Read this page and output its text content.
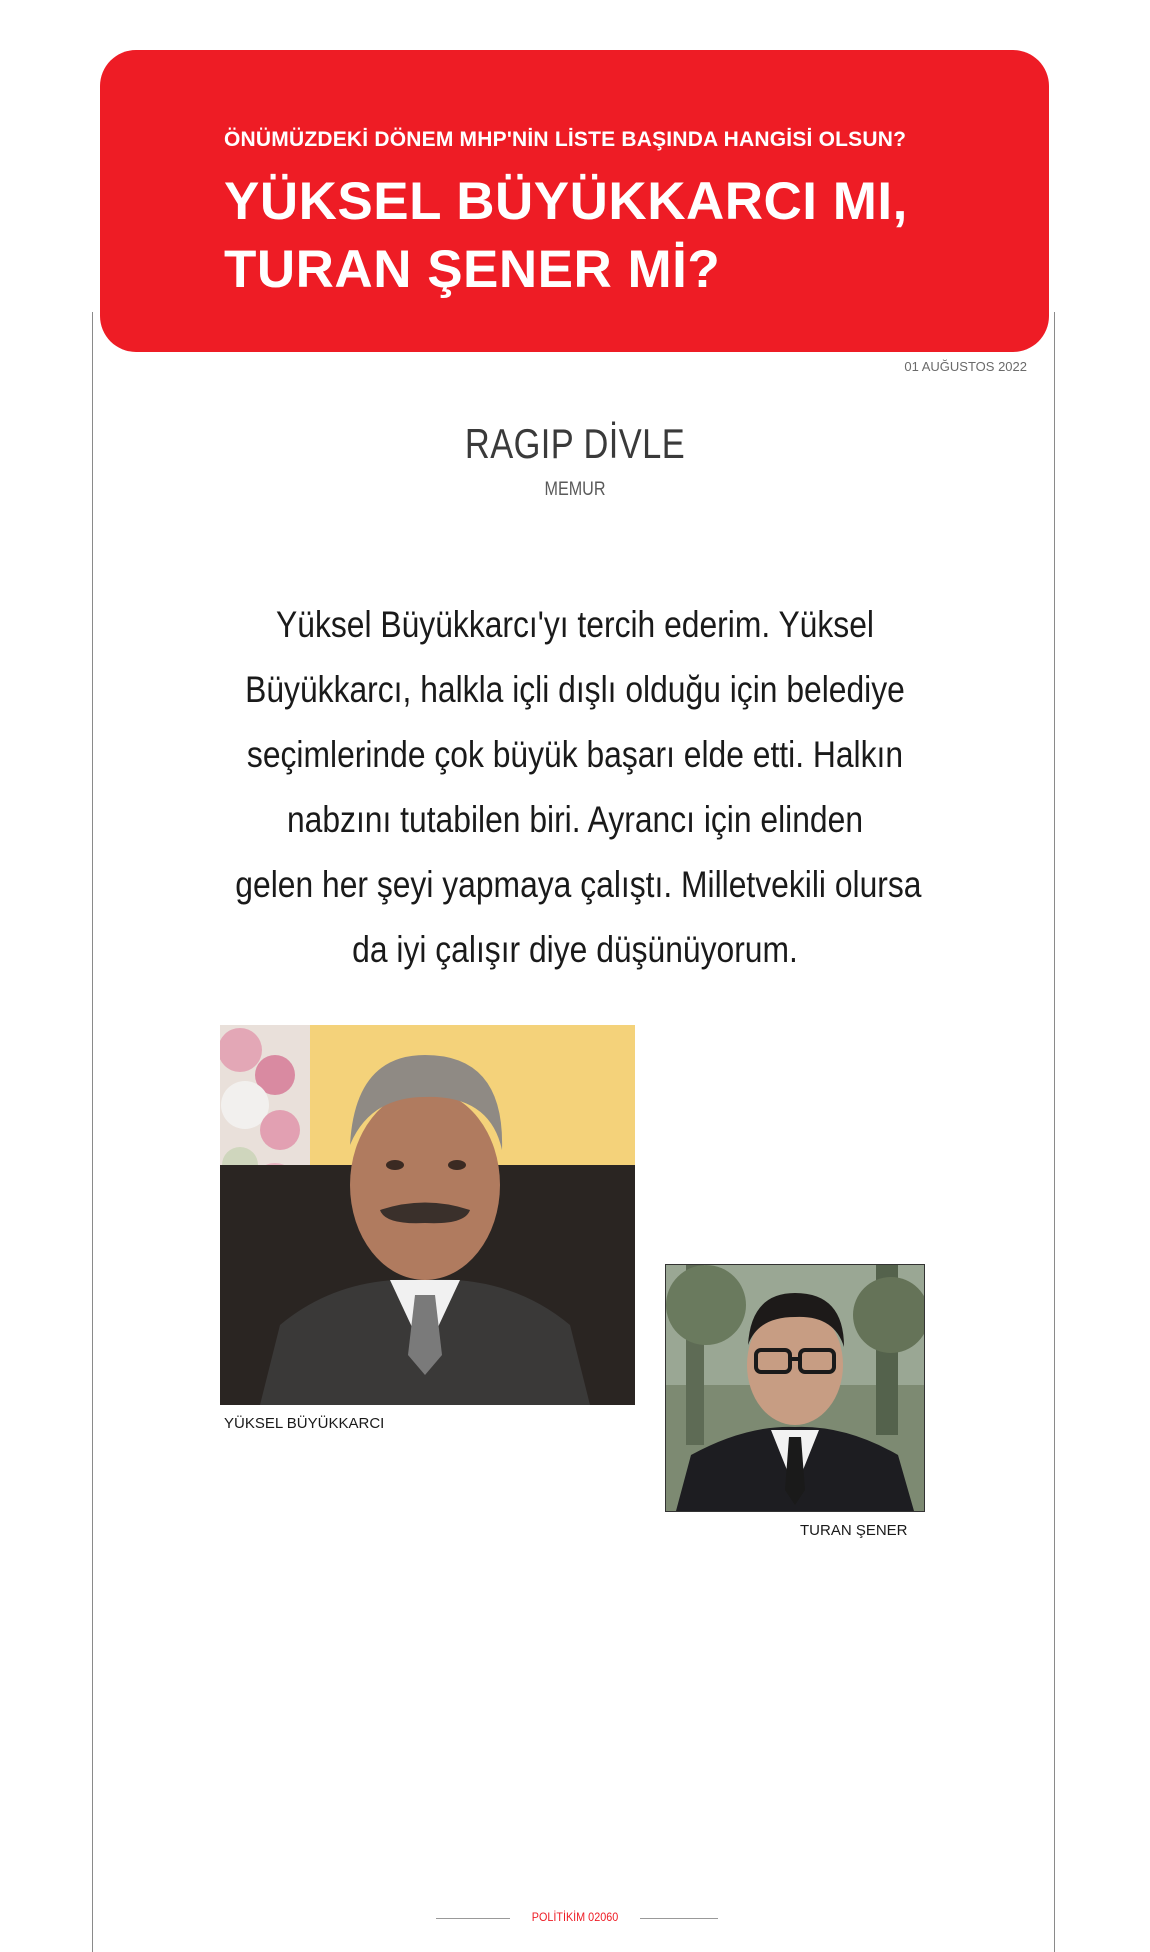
ÖNÜMÜZDEKİ DÖNEM MHP'NİN LİSTE BAŞINDA HANGİSİ OLSUN?
YÜKSEL BÜYÜKKARCI MI,
TURAN ŞENER Mİ?
01 AUĞUSTOS 2022
RAGIP DİVLE
MEMUR
Yüksel Büyükkarcı'yı tercih ederim. Yüksel
Büyükkarcı, halkla içli dışlı olduğu için belediye
seçimlerinde çok büyük başarı elde etti. Halkın
nabzını tutabilen biri. Ayrancı için elinden
gelen her şeyi yapmaya çalıştı. Milletvekili olursa
da iyi çalışır diye düşünüyorum.
YÜKSEL BÜYÜKKARCI
TURAN ŞENER
POLİTİKİM 02060
